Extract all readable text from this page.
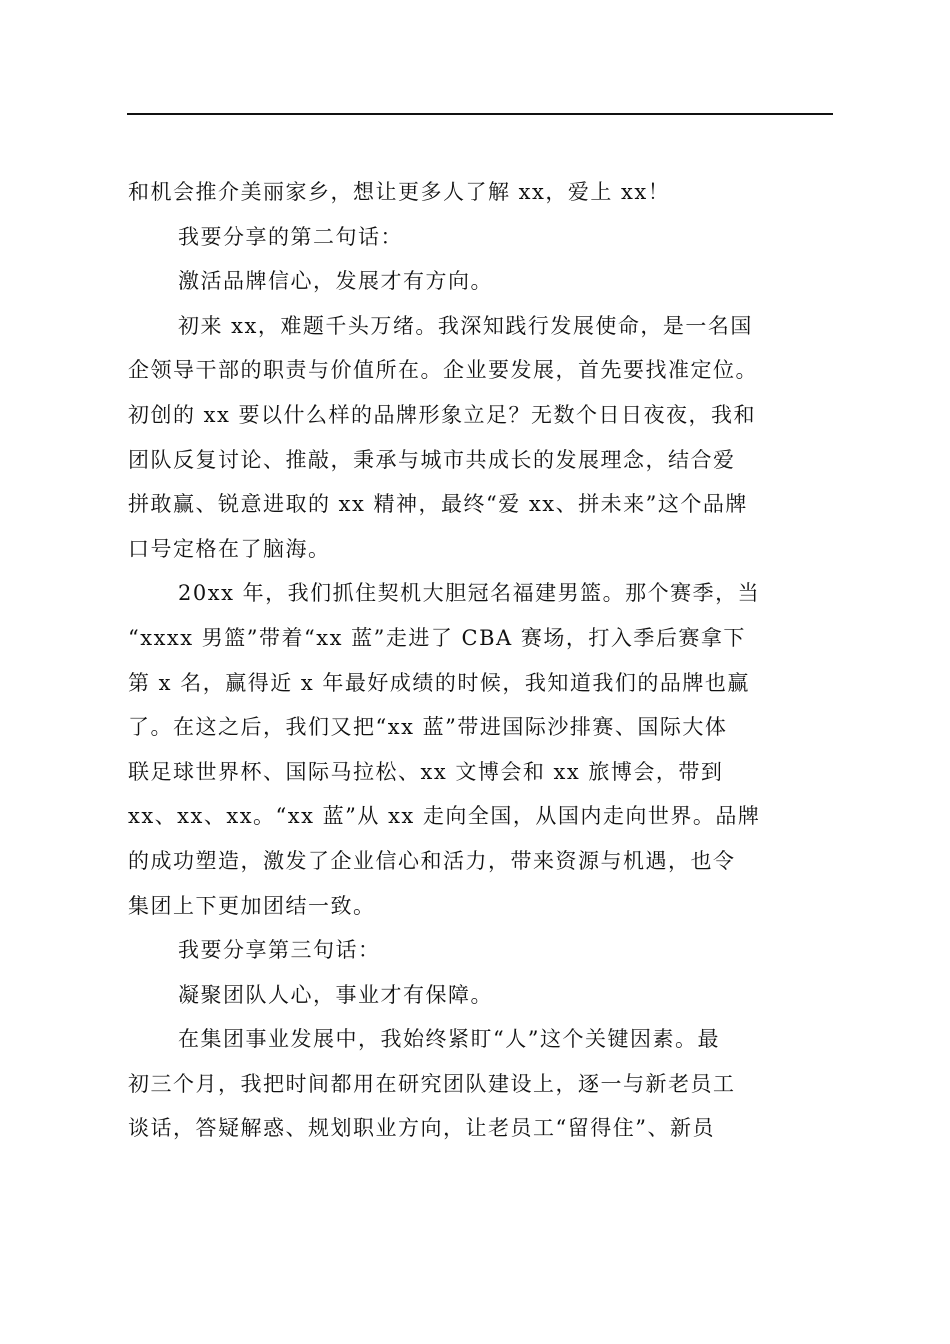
和机会推介美丽家乡，想让更多人了解 xx，爱上 xx！

我要分享的第二句话：

激活品牌信心，发展才有方向。

初来 xx，难题千头万绪。我深知践行发展使命，是一名国
企领导干部的职责与价值所在。企业要发展，首先要找准定位。
初创的 xx 要以什么样的品牌形象立足？无数个日日夜夜，我和
团队反复讨论、推敲，秉承与城市共成长的发展理念，结合爱
拼敢赢、锐意进取的 xx 精神，最终“爱 xx、拼未来”这个品牌
口号定格在了脑海。

20xx 年，我们抓住契机大胆冠名福建男篮。那个赛季，当
“xxxx 男篮”带着“xx 蓝”走进了 CBA 赛场，打入季后赛拿下
第 x 名，赢得近 x 年最好成绩的时候，我知道我们的品牌也赢
了。在这之后，我们又把“xx 蓝”带进国际沙排赛、国际大体
联足球世界杯、国际马拉松、xx 文博会和 xx 旅博会，带到
xx、xx、xx。“xx 蓝”从 xx 走向全国，从国内走向世界。品牌
的成功塑造，激发了企业信心和活力，带来资源与机遇，也令
集团上下更加团结一致。

我要分享第三句话：

凝聚团队人心，事业才有保障。

在集团事业发展中，我始终紧盯“人”这个关键因素。最
初三个月，我把时间都用在研究团队建设上，逐一与新老员工
谈话，答疑解惑、规划职业方向，让老员工“留得住”、新员
